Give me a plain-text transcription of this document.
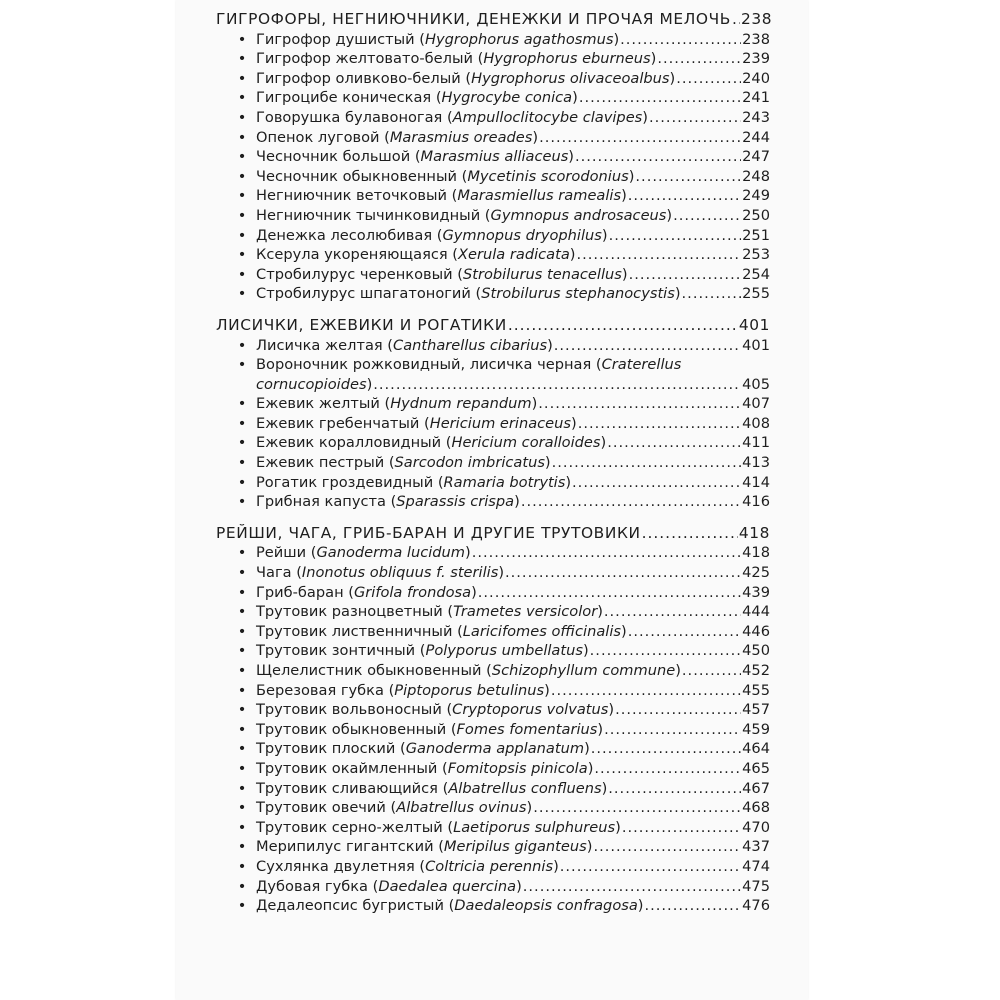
ГИГРОФОРЫ, НЕГНИЮЧНИКИ, ДЕНЕЖКИ И ПРОЧАЯ МЕЛОЧЬ ..... 238
• Гигрофор душистый ( Hygrophorus agathosmus ) .....	238
• Гигрофор желтовато-белый ( Hygrophorus eburneus ) .....	239
• Гигрофор оливково-белый ( Hygrophorus olivaceoalbus ) .....	240
• Гигроцибе коническая ( Hygrocybe conica ) .....	241
• Говорушка булавоногая ( Ampulloclitocybe clavipes ) .....	243
• Опенок луговой ( Marasmius oreades ) .....	244
• Чесночник большой ( Marasmius alliaceus ) .....	247
• Чесночник обыкновенный ( Mycetinis scorodonius ) .....	248
• Негниючник веточковый ( Marasmiellus ramealis ) .....	249
• Негниючник тычинковидный ( Gymnopus androsaceus ) .....	250
• Денежка лесолюбивая ( Gymnopus dryophilus ) .....	251
• Ксерула укореняющаяся ( Xerula radicata ) .....	253
• Стробилурус черенковый ( Strobilurus tenacellus ) .....	254
• Стробилурус шпагатоногий ( Strobilurus stephanocystis ) .....	255
ЛИСИЧКИ, ЕЖЕВИКИ И РОГАТИКИ .....	401
• Лисичка желтая ( Cantharellus cibarius ) .....	401
• Вороночник рожковидный, лисичка черная ( Craterellus
cornucopioides ) .....	405
• Ежевик желтый ( Hydnum repandum ) .....	407
• Ежевик гребенчатый ( Hericium erinaceus ) .....	408
• Ежевик коралловидный ( Hericium coralloides ) .....	411
• Ежевик пестрый ( Sarcodon imbricatus ) .....	413
• Рогатик гроздевидный ( Ramaria botrytis ) .....	414
• Грибная капуста ( Sparassis crispa ) .....	416
РЕЙШИ, ЧАГА, ГРИБ-БАРАН И ДРУГИЕ ТРУТОВИКИ .....	418
• Рейши ( Ganoderma lucidum ) .....	418
• Чага ( Inonotus obliquus f. sterilis ) .....	425
• Гриб-баран ( Grifola frondosa ) .....	439
• Трутовик разноцветный ( Trametes versicolor ) .....	444
• Трутовик лиственничный ( Laricifomes officinalis ) .....	446
• Трутовик зонтичный ( Polyporus umbellatus ) .....	450
• Щелелистник обыкновенный ( Schizophyllum commune ) .....	452
• Березовая губка ( Piptoporus betulinus ) .....	455
• Трутовик вольвоносный ( Cryptoporus volvatus ) .....	457
• Трутовик обыкновенный ( Fomes fomentarius ) .....	459
• Трутовик плоский ( Ganoderma applanatum ) .....	464
• Трутовик окаймленный ( Fomitopsis pinicola ) .....	465
• Трутовик сливающийся ( Albatrellus confluens ) .....	467
• Трутовик овечий ( Albatrellus ovinus ) .....	468
• Трутовик серно-желтый ( Laetiporus sulphureus ) .....	470
• Мерипилус гигантский ( Meripilus giganteus ) .....	437
• Сухлянка двулетняя ( Coltricia perennis ) .....	474
• Дубовая губка ( Daedalea quercina ) .....	475
• Дедалеопсис бугристый ( Daedaleopsis confragosa ) .....	476
